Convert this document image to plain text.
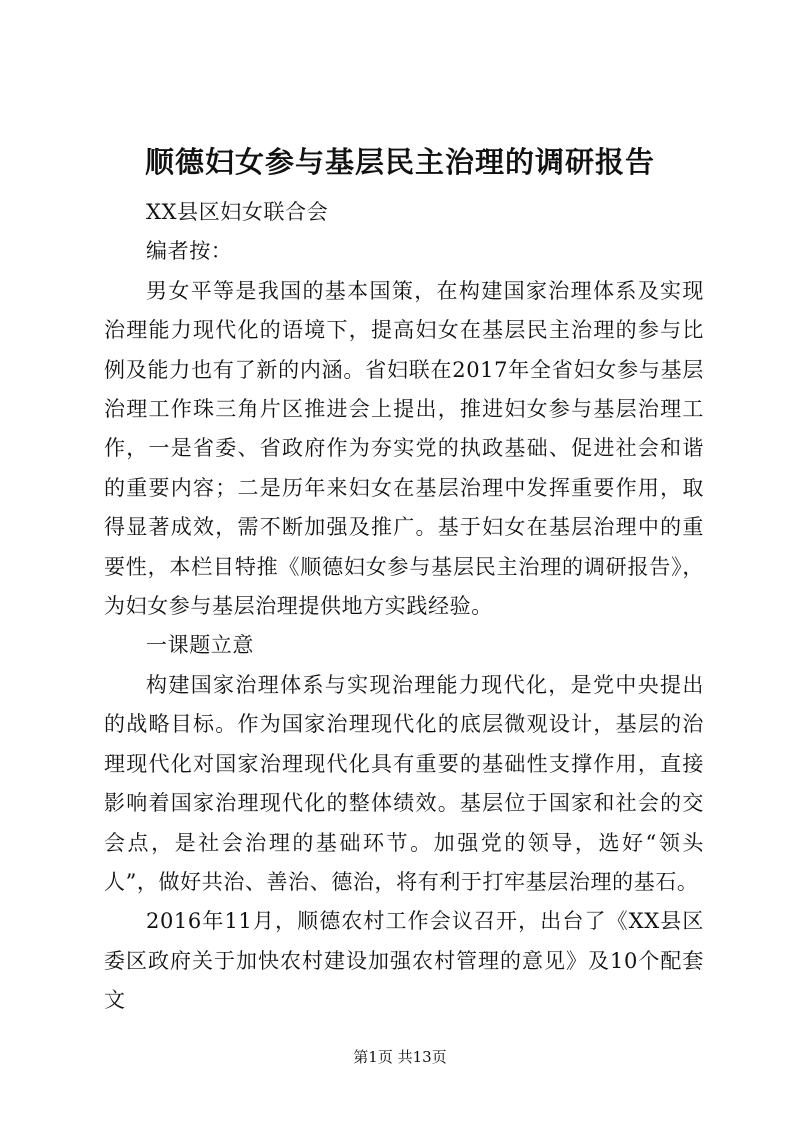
顺德妇女参与基层民主治理的调研报告

XX县区妇女联合会

编者按：

男女平等是我国的基本国策，在构建国家治理体系及实现治理能力现代化的语境下，提高妇女在基层民主治理的参与比例及能力也有了新的内涵。省妇联在2017年全省妇女参与基层治理工作珠三角片区推进会上提出，推进妇女参与基层治理工作，一是省委、省政府作为夯实党的执政基础、促进社会和谐的重要内容；二是历年来妇女在基层治理中发挥重要作用，取得显著成效，需不断加强及推广。基于妇女在基层治理中的重要性，本栏目特推《顺德妇女参与基层民主治理的调研报告》，为妇女参与基层治理提供地方实践经验。

一课题立意

构建国家治理体系与实现治理能力现代化，是党中央提出的战略目标。作为国家治理现代化的底层微观设计，基层的治理现代化对国家治理现代化具有重要的基础性支撑作用，直接影响着国家治理现代化的整体绩效。基层位于国家和社会的交会点，是社会治理的基础环节。加强党的领导，选好“领头人”，做好共治、善治、德治，将有利于打牢基层治理的基石。

2016年11月，顺德农村工作会议召开，出台了《XX县区委区政府关于加快农村建设加强农村管理的意见》及10个配套文

第1页 共13页
